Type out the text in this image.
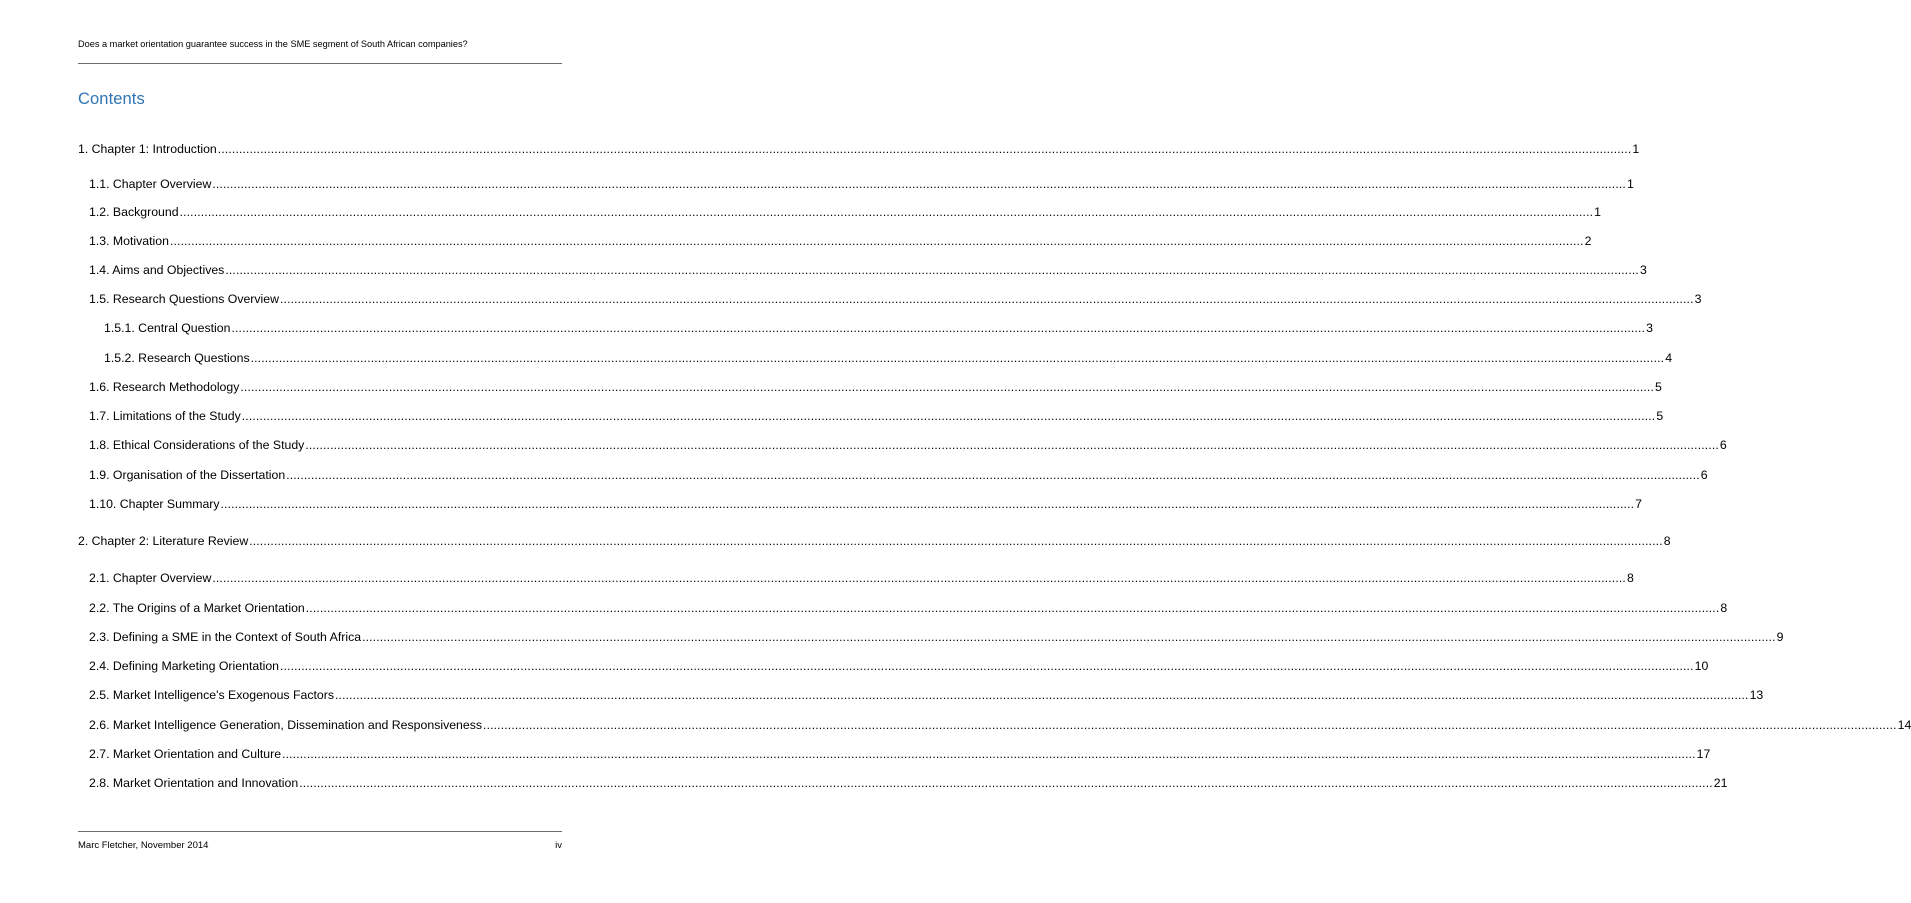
Does a market orientation guarantee success in the SME segment of South African companies?
Contents
1. Chapter 1: Introduction ................................................................................................................................................................................................................................................................................................................................................................................................................ 1
1.1. Chapter Overview ................................................................................................................................................................................................................................................................................................................................................................................................................ 1
1.2. Background ................................................................................................................................................................................................................................................................................................................................................................................................................ 1
1.3. Motivation ................................................................................................................................................................................................................................................................................................................................................................................................................ 2
1.4. Aims and Objectives ................................................................................................................................................................................................................................................................................................................................................................................................................ 3
1.5. Research Questions Overview ................................................................................................................................................................................................................................................................................................................................................................................................................ 3
1.5.1. Central Question ................................................................................................................................................................................................................................................................................................................................................................................................................ 3
1.5.2. Research Questions ................................................................................................................................................................................................................................................................................................................................................................................................................ 4
1.6. Research Methodology ................................................................................................................................................................................................................................................................................................................................................................................................................ 5
1.7. Limitations of the Study ................................................................................................................................................................................................................................................................................................................................................................................................................ 5
1.8. Ethical Considerations of the Study ................................................................................................................................................................................................................................................................................................................................................................................................................ 6
1.9. Organisation of the Dissertation ................................................................................................................................................................................................................................................................................................................................................................................................................ 6
1.10. Chapter Summary ................................................................................................................................................................................................................................................................................................................................................................................................................ 7
2. Chapter 2: Literature Review ................................................................................................................................................................................................................................................................................................................................................................................................................ 8
2.1. Chapter Overview ................................................................................................................................................................................................................................................................................................................................................................................................................ 8
2.2. The Origins of a Market Orientation ................................................................................................................................................................................................................................................................................................................................................................................................................ 8
2.3. Defining a SME in the Context of South Africa ................................................................................................................................................................................................................................................................................................................................................................................................................ 9
2.4. Defining Marketing Orientation ................................................................................................................................................................................................................................................................................................................................................................................................................ 10
2.5. Market Intelligence's Exogenous Factors ................................................................................................................................................................................................................................................................................................................................................................................................................ 13
2.6. Market Intelligence Generation, Dissemination and Responsiveness ................................................................................................................................................................................................................................................................................................................................................................................................................ 14
2.7. Market Orientation and Culture ................................................................................................................................................................................................................................................................................................................................................................................................................ 17
2.8. Market Orientation and Innovation ................................................................................................................................................................................................................................................................................................................................................................................................................ 21
Marc Fletcher, November 2014	iv
